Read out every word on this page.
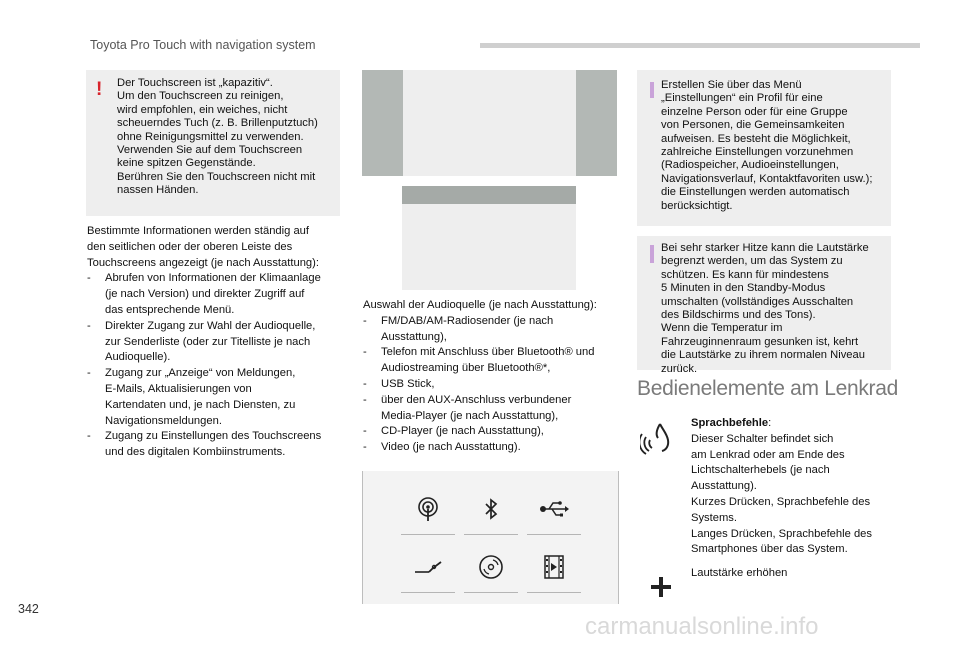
Toyota Pro Touch with navigation system
! Der Touchscreen ist „kapazitiv“.
Um den Touchscreen zu reinigen,
wird empfohlen, ein weiches, nicht
scheuerndes Tuch (z. B. Brillenputztuch)
ohne Reinigungsmittel zu verwenden.
Verwenden Sie auf dem Touchscreen
keine spitzen Gegenstände.
Berühren Sie den Touchscreen nicht mit
nassen Händen.

Bestimmte Informationen werden ständig auf

den seitlichen oder der oberen Leiste des

Touchscreens angezeigt (je nach Ausstattung):

- Abrufen von Informationen der Klimaanlage
(je nach Version) und direkter Zugriff auf
das entsprechende Menü.
- Direkter Zugang zur Wahl der Audioquelle,
zur Senderliste (oder zur Titelliste je nach
Audioquelle).
- Zugang zur „Anzeige“ von Meldungen,
E-Mails, Aktualisierungen von
Kartendaten und, je nach Diensten, zu
Navigationsmeldungen.
- Zugang zu Einstellungen des Touchscreens
und des digitalen Kombiinstruments.

Auswahl der Audioquelle (je nach Ausstattung):

- FM/DAB/AM-Radiosender (je nach
Ausstattung),
- Telefon mit Anschluss über Bluetooth® und
Audiostreaming über Bluetooth®*,
- USB Stick,
- über den AUX-Anschluss verbundener
Media-Player (je nach Ausstattung),
- CD-Player (je nach Ausstattung),
- Video (je nach Ausstattung).
Erstellen Sie über das Menü
„Einstellungen“ ein Profil für eine
einzelne Person oder für eine Gruppe
von Personen, die Gemeinsamkeiten
aufweisen. Es besteht die Möglichkeit,
zahlreiche Einstellungen vorzunehmen
(Radiospeicher, Audioeinstellungen,
Navigationsverlauf, Kontaktfavoriten usw.);
die Einstellungen werden automatisch
berücksichtigt.
Bei sehr starker Hitze kann die Lautstärke
begrenzt werden, um das System zu
schützen. Es kann für mindestens
5 Minuten in den Standby-Modus
umschalten (vollständiges Ausschalten
des Bildschirms und des Tons).
Wenn die Temperatur im
Fahrzeuginnenraum gesunken ist, kehrt
die Lautstärke zu ihrem normalen Niveau
zurück.
Bedienelemente am Lenkrad

Sprachbefehle:

Dieser Schalter befindet sich

am Lenkrad oder am Ende des

Lichtschalterhebels (je nach

Ausstattung).

Kurzes Drücken, Sprachbefehle des

Systems.

Langes Drücken, Sprachbefehle des

Smartphones über das System.

Lautstärke erhöhen
342
carmanualsonline.info
